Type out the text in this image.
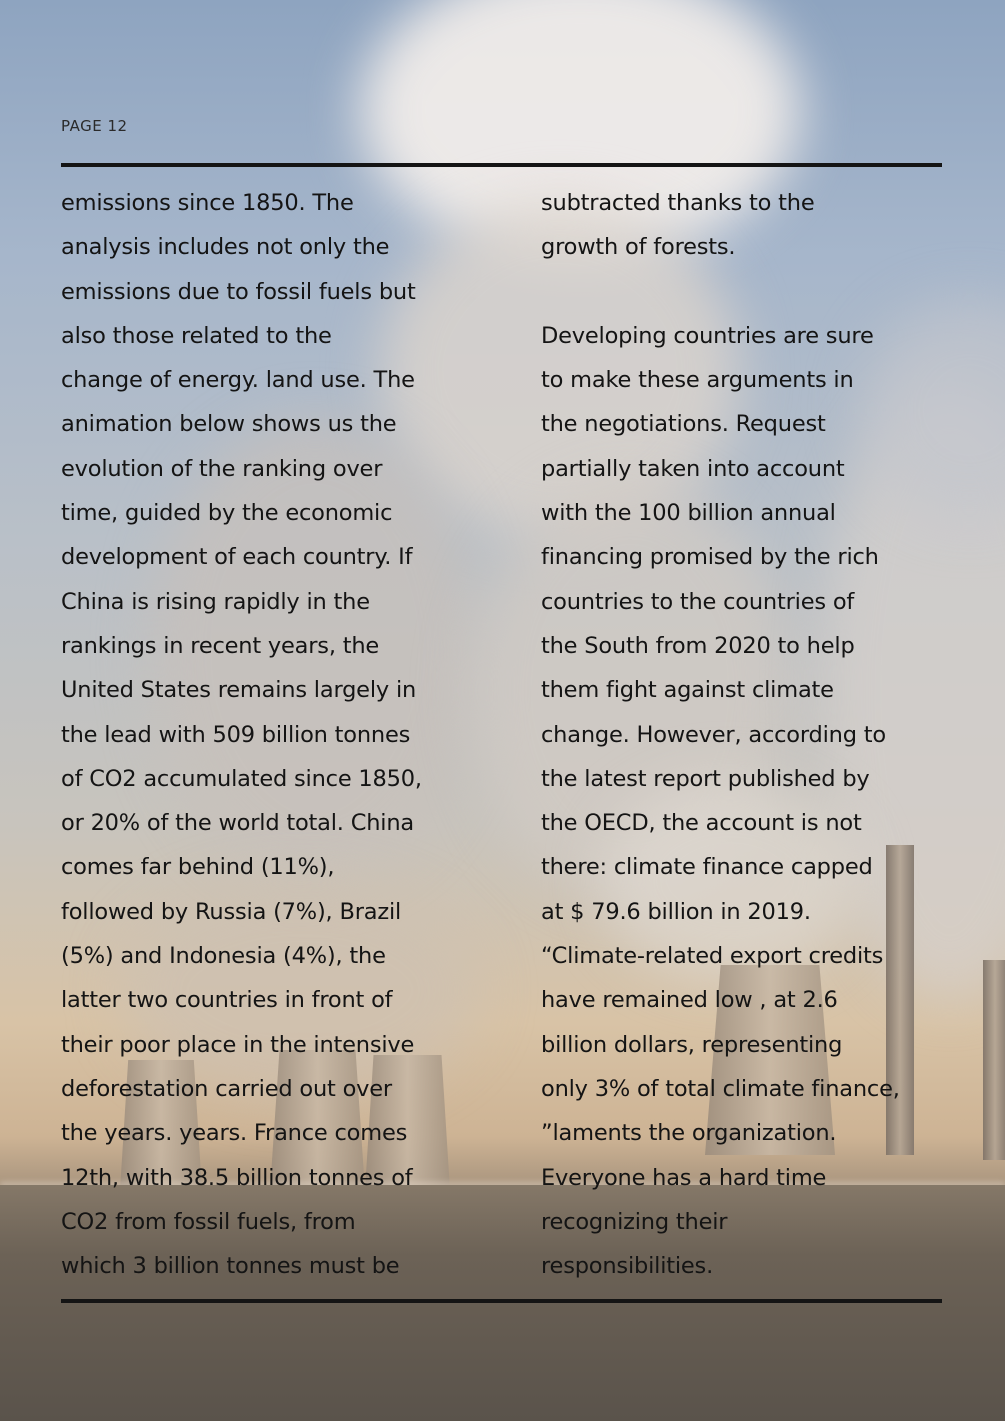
PAGE 12
emissions since 1850. The
analysis includes not only the
emissions due to fossil fuels but
also those related to the
change of energy. land use. The
animation below shows us the
evolution of the ranking over
time, guided by the economic
development of each country. If
China is rising rapidly in the
rankings in recent years, the
United States remains largely in
the lead with 509 billion tonnes
of CO2 accumulated since 1850,
or 20% of the world total. China
comes far behind (11%),
followed by Russia (7%), Brazil
(5%) and Indonesia (4%), the
latter two countries in front of
their poor place in the intensive
deforestation carried out over
the years. years. France comes
12th, with 38.5 billion tonnes of
CO2 from fossil fuels, from
which 3 billion tonnes must be
subtracted thanks to the
growth of forests.
Developing countries are sure
to make these arguments in
the negotiations. Request
partially taken into account
with the 100 billion annual
financing promised by the rich
countries to the countries of
the South from 2020 to help
them fight against climate
change. However, according to
the latest report published by
the OECD, the account is not
there: climate finance capped
at $ 79.6 billion in 2019.
“Climate-related export credits
have remained low , at 2.6
billion dollars, representing
only 3% of total climate finance,
”laments the organization.
Everyone has a hard time
recognizing their
responsibilities.
